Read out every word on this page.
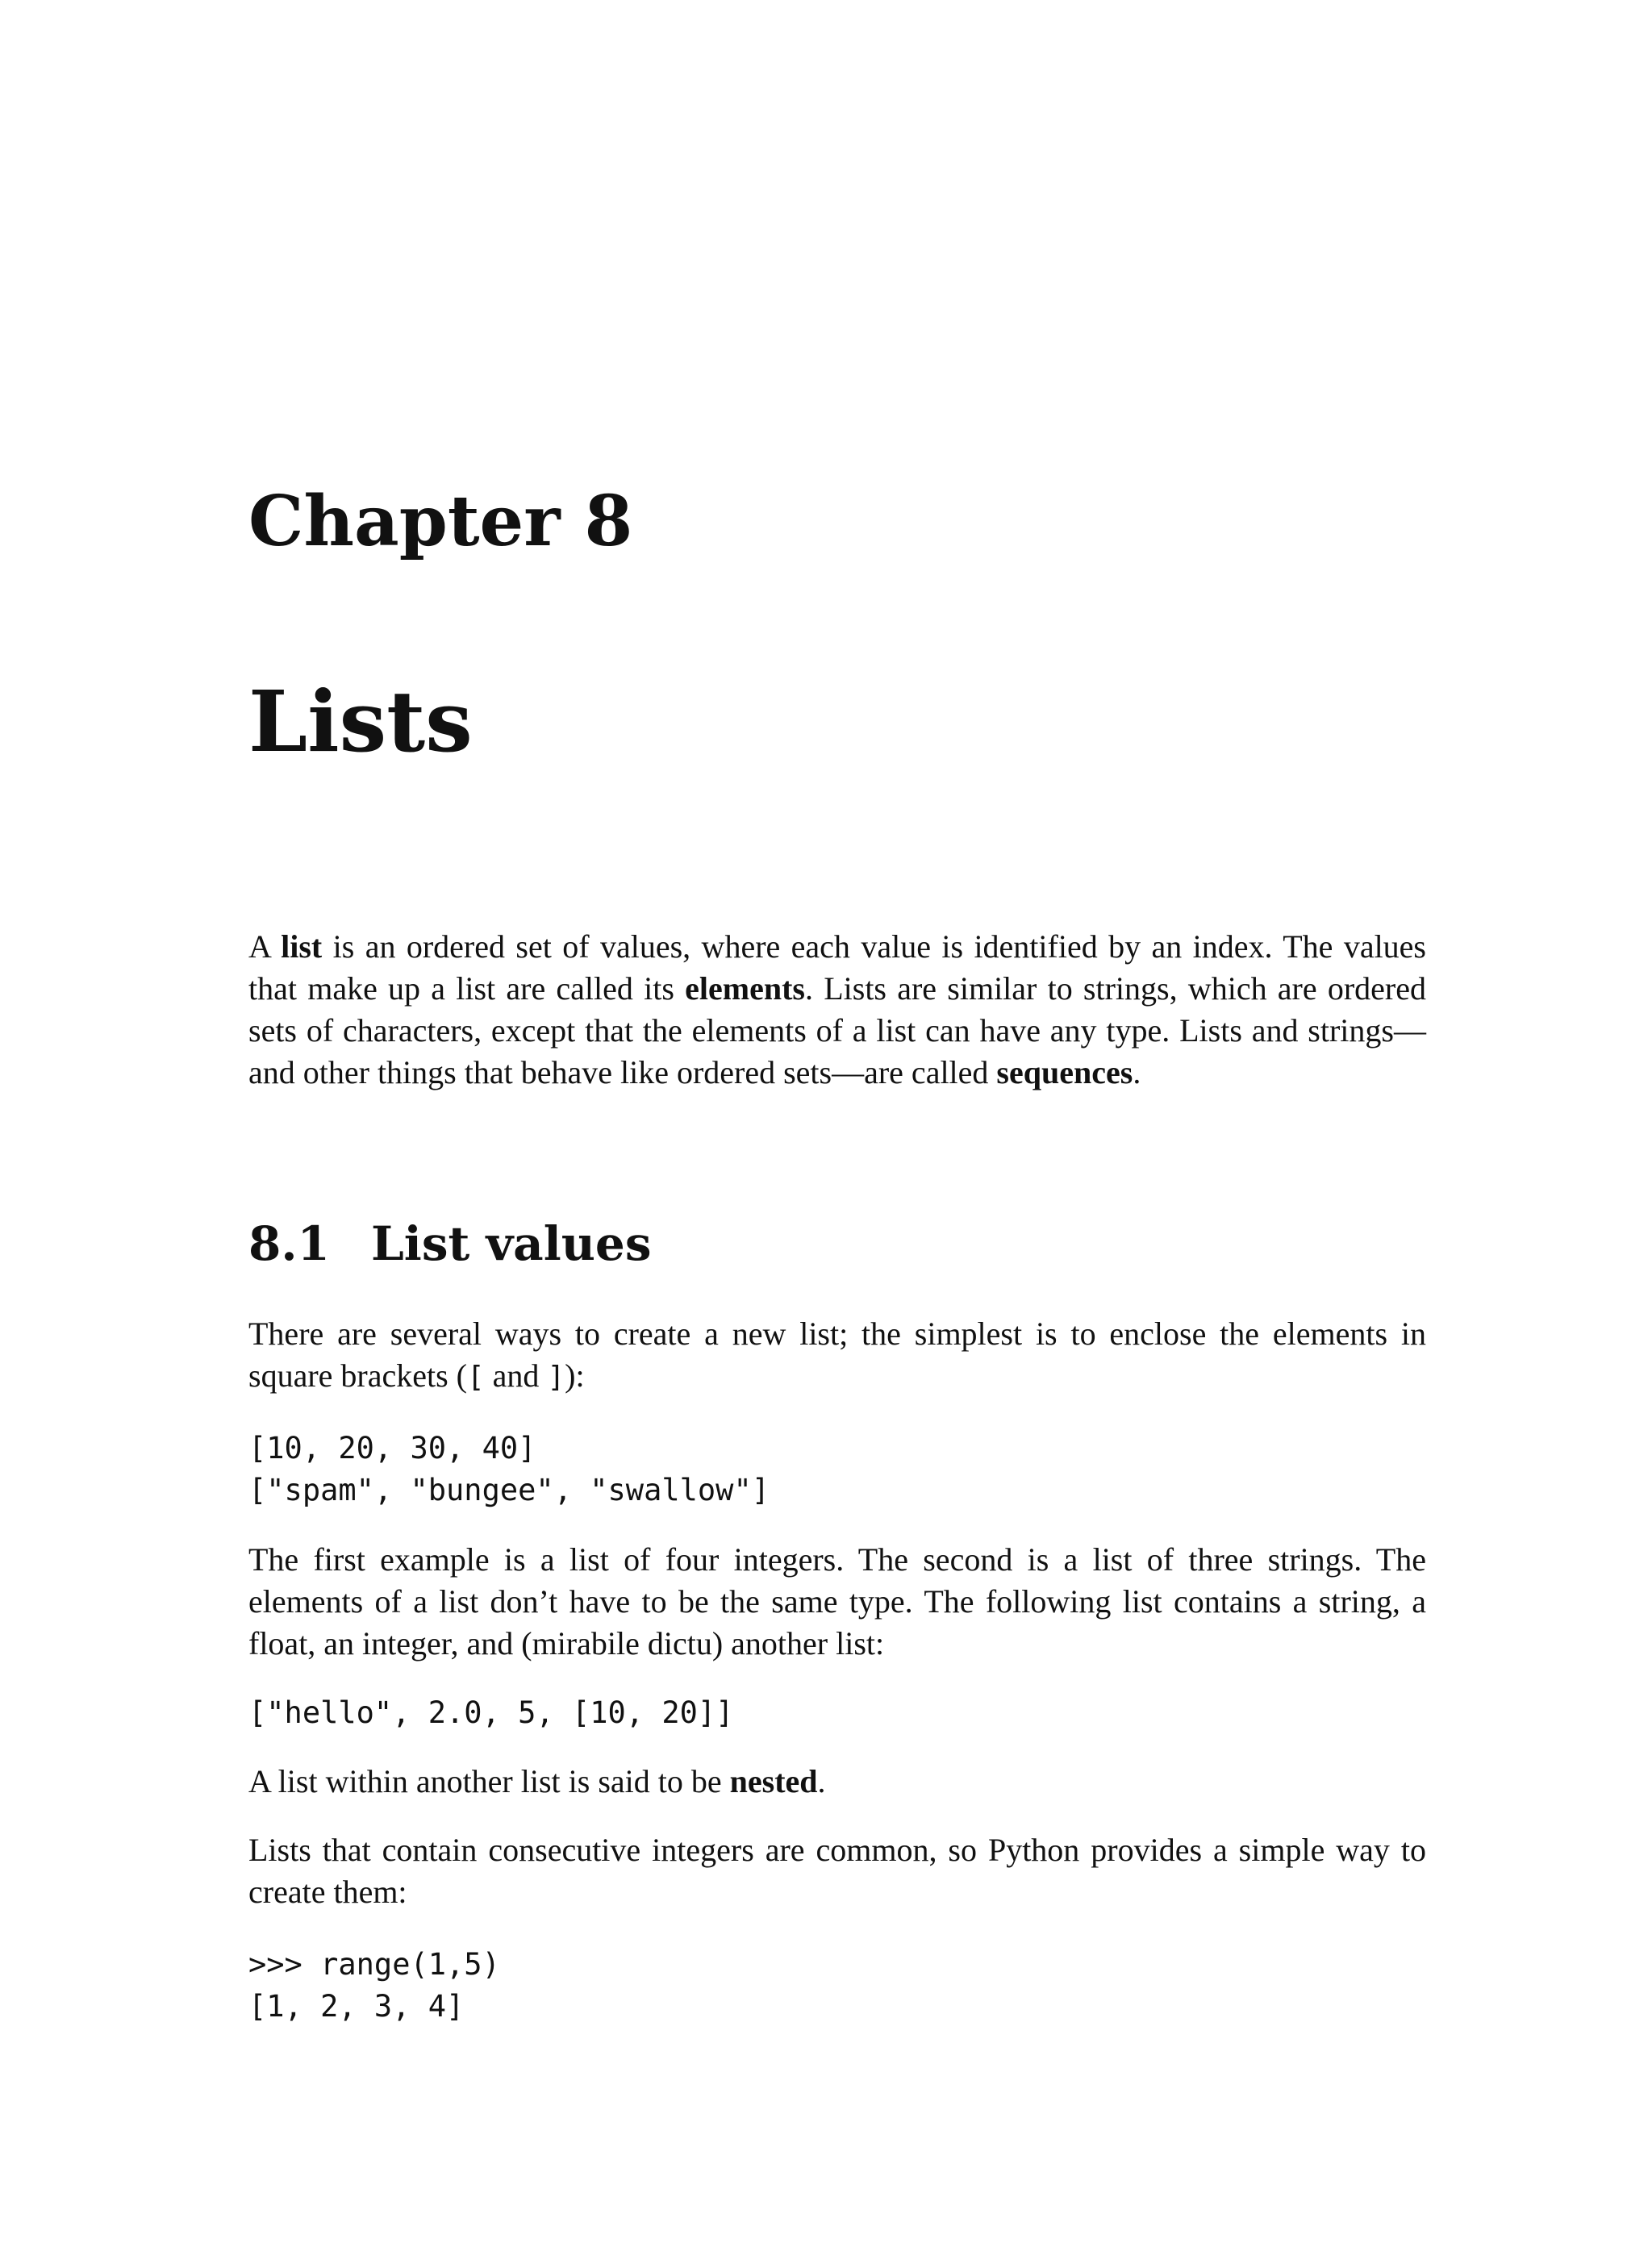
Chapter 8
Lists

A list is an ordered set of values, where each value is identified by an index. The values that make up a list are called its elements. Lists are similar to strings, which are ordered sets of characters, except that the elements of a list can have any type. Lists and strings—and other things that behave like ordered sets—are called sequences.

8.1 List values

There are several ways to create a new list; the simplest is to enclose the elements in square brackets ([ and ]):

[10, 20, 30, 40]
["spam", "bungee", "swallow"]

The first example is a list of four integers. The second is a list of three strings. The elements of a list don’t have to be the same type. The following list contains a string, a float, an integer, and (mirabile dictu) another list:

["hello", 2.0, 5, [10, 20]]

A list within another list is said to be nested.

Lists that contain consecutive integers are common, so Python provides a simple way to create them:

>>> range(1,5)
[1, 2, 3, 4]
